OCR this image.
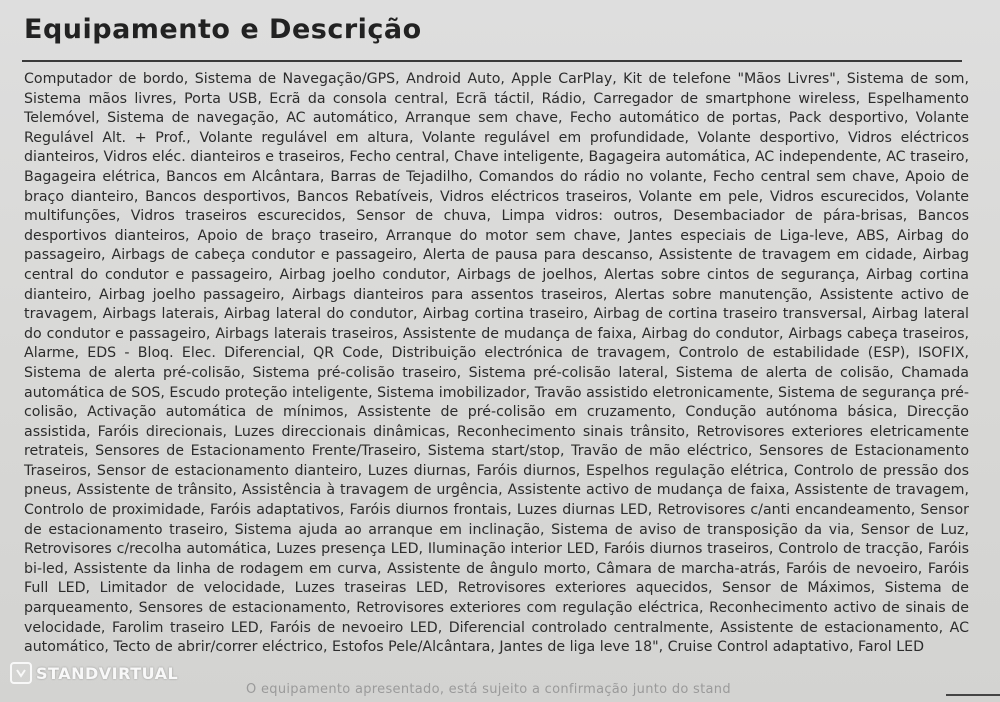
Equipamento e Descrição

Computador de bordo, Sistema de Navegação/GPS, Android Auto, Apple CarPlay, Kit de telefone "Mãos Livres", Sistema de som, Sistema mãos livres, Porta USB, Ecrã da consola central, Ecrã táctil, Rádio, Carregador de smartphone wireless, Espelhamento Telemóvel, Sistema de navegação, AC automático, Arranque sem chave, Fecho automático de portas, Pack desportivo, Volante Regulável Alt. + Prof., Volante regulável em altura, Volante regulável em profundidade, Volante desportivo, Vidros eléctricos dianteiros, Vidros eléc. dianteiros e traseiros, Fecho central, Chave inteligente, Bagageira automática, AC independente, AC traseiro, Bagageira elétrica, Bancos em Alcântara, Barras de Tejadilho, Comandos do rádio no volante, Fecho central sem chave, Apoio de braço dianteiro, Bancos desportivos, Bancos Rebatíveis, Vidros eléctricos traseiros, Volante em pele, Vidros escurecidos, Volante multifunções, Vidros traseiros escurecidos, Sensor de chuva, Limpa vidros: outros, Desembaciador de pára-brisas, Bancos desportivos dianteiros, Apoio de braço traseiro, Arranque do motor sem chave, Jantes especiais de Liga-leve, ABS, Airbag do passageiro, Airbags de cabeça condutor e passageiro, Alerta de pausa para descanso, Assistente de travagem em cidade, Airbag central do condutor e passageiro, Airbag joelho condutor, Airbags de joelhos, Alertas sobre cintos de segurança, Airbag cortina dianteiro, Airbag joelho passageiro, Airbags dianteiros para assentos traseiros, Alertas sobre manutenção, Assistente activo de travagem, Airbags laterais, Airbag lateral do condutor, Airbag cortina traseiro, Airbag de cortina traseiro transversal, Airbag lateral do condutor e passageiro, Airbags laterais traseiros, Assistente de mudança de faixa, Airbag do condutor, Airbags cabeça traseiros, Alarme, EDS - Bloq. Elec. Diferencial, QR Code, Distribuição electrónica de travagem, Controlo de estabilidade (ESP), ISOFIX, Sistema de alerta pré-colisão, Sistema pré-colisão traseiro, Sistema pré-colisão lateral, Sistema de alerta de colisão, Chamada automática de SOS, Escudo proteção inteligente, Sistema imobilizador, Travão assistido eletronicamente, Sistema de segurança pré-colisão, Activação automática de mínimos, Assistente de pré-colisão em cruzamento, Condução autónoma básica, Direcção assistida, Faróis direcionais, Luzes direccionais dinâmicas, Reconhecimento sinais trânsito, Retrovisores exteriores eletricamente retrateis, Sensores de Estacionamento Frente/Traseiro, Sistema start/stop, Travão de mão eléctrico, Sensores de Estacionamento Traseiros, Sensor de estacionamento dianteiro, Luzes diurnas, Faróis diurnos, Espelhos regulação elétrica, Controlo de pressão dos pneus, Assistente de trânsito, Assistência à travagem de urgência, Assistente activo de mudança de faixa, Assistente de travagem, Controlo de proximidade, Faróis adaptativos, Faróis diurnos frontais, Luzes diurnas LED, Retrovisores c/anti encandeamento, Sensor de estacionamento traseiro, Sistema ajuda ao arranque em inclinação, Sistema de aviso de transposição da via, Sensor de Luz, Retrovisores c/recolha automática, Luzes presença LED, Iluminação interior LED, Faróis diurnos traseiros, Controlo de tracção, Faróis bi-led, Assistente da linha de rodagem em curva, Assistente de ângulo morto, Câmara de marcha-atrás, Faróis de nevoeiro, Faróis Full LED, Limitador de velocidade, Luzes traseiras LED, Retrovisores exteriores aquecidos, Sensor de Máximos, Sistema de parqueamento, Sensores de estacionamento, Retrovisores exteriores com regulação eléctrica, Reconhecimento activo de sinais de velocidade, Farolim traseiro LED, Faróis de nevoeiro LED, Diferencial controlado centralmente, Assistente de estacionamento, AC automático, Tecto de abrir/correr eléctrico, Estofos Pele/Alcântara, Jantes de liga leve 18", Cruise Control adaptativo, Farol LED

O equipamento apresentado, está sujeito a confirmação junto do stand
STANDVIRTUAL
